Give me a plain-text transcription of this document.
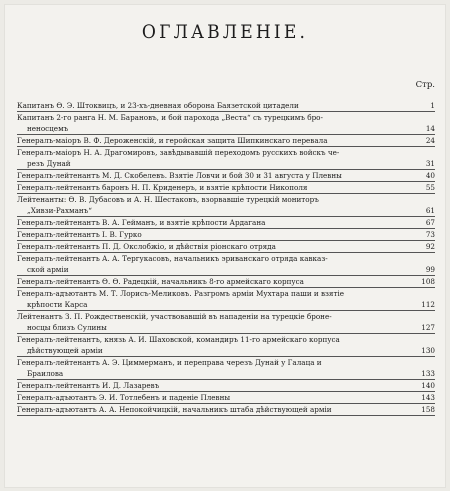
ОГЛАВЛЕНІЕ.
Стр.
Капитанъ Ѳ. Э. Штоквицъ, и 23-хъ-дневная оборона Баязетской цитадели	1
Капитанъ 2-го ранга Н. М. Барановъ, и бой парохода „Веста“ съ турецкимъ бро-
неносцемъ	14
Генералъ-маіоръ В. Ф. Дероженскій, и геройская защита Шипкинскаго перевала	24
Генералъ-маіоръ Н. А. Драгомировъ, завѣдывавшій переходомъ русскихъ войскъ че-
резъ Дунай	31
Генералъ-лейтенантъ М. Д. Скобелевъ. Взятіе Ловчи и бой 30 и 31 августа у Плевны	40
Генералъ-лейтенантъ баронъ Н. П. Криденеръ, и взятіе крѣпости Никополя	55
Лейтенанты: Ѳ. В. Дубасовъ и А. Н. Шестаковъ, взорвавшіе турецкій мониторъ
„Хивзи-Рахманъ“	61
Генералъ-лейтенантъ В. А. Гейманъ, и взятіе крѣпости Ардагана	67
Генералъ-лейтенантъ І. В. Гурко	73
Генералъ-лейтенантъ П. Д. Окслобжіо, и дѣйствія ріонскаго отряда	92
Генералъ-лейтенантъ А. А. Тергукасовъ, начальникъ эриванскаго отряда кавказ-
ской арміи	99
Генералъ-лейтенантъ Ѳ. Ѳ. Радецкій, начальникъ 8-го армейскаго корпуса	108
Генералъ-адъютантъ М. Т. Лорисъ-Меликовъ. Разгромъ арміи Мухтара паши и взятіе
крѣпости Карса	112
Лейтенантъ З. П. Рождественскій, участвовавшій въ нападеніи на турецкіе броне-
носцы близъ Сулины	127
Генералъ-лейтенантъ, князь А. И. Шаховской, командиръ 11-го армейскаго корпуса
дѣйствующей арміи	130
Генералъ-лейтенантъ А. Э. Циммерманъ, и переправа черезъ Дунай у Галаца и
Браилова	133
Генералъ-лейтенантъ И. Д. Лазаревъ	140
Генералъ-адъютантъ Э. И. Тотлебенъ и паденіе Плевны	143
Генералъ-адъютантъ А. А. Непокойчицкій, начальникъ штаба дѣйствующей арміи	158
